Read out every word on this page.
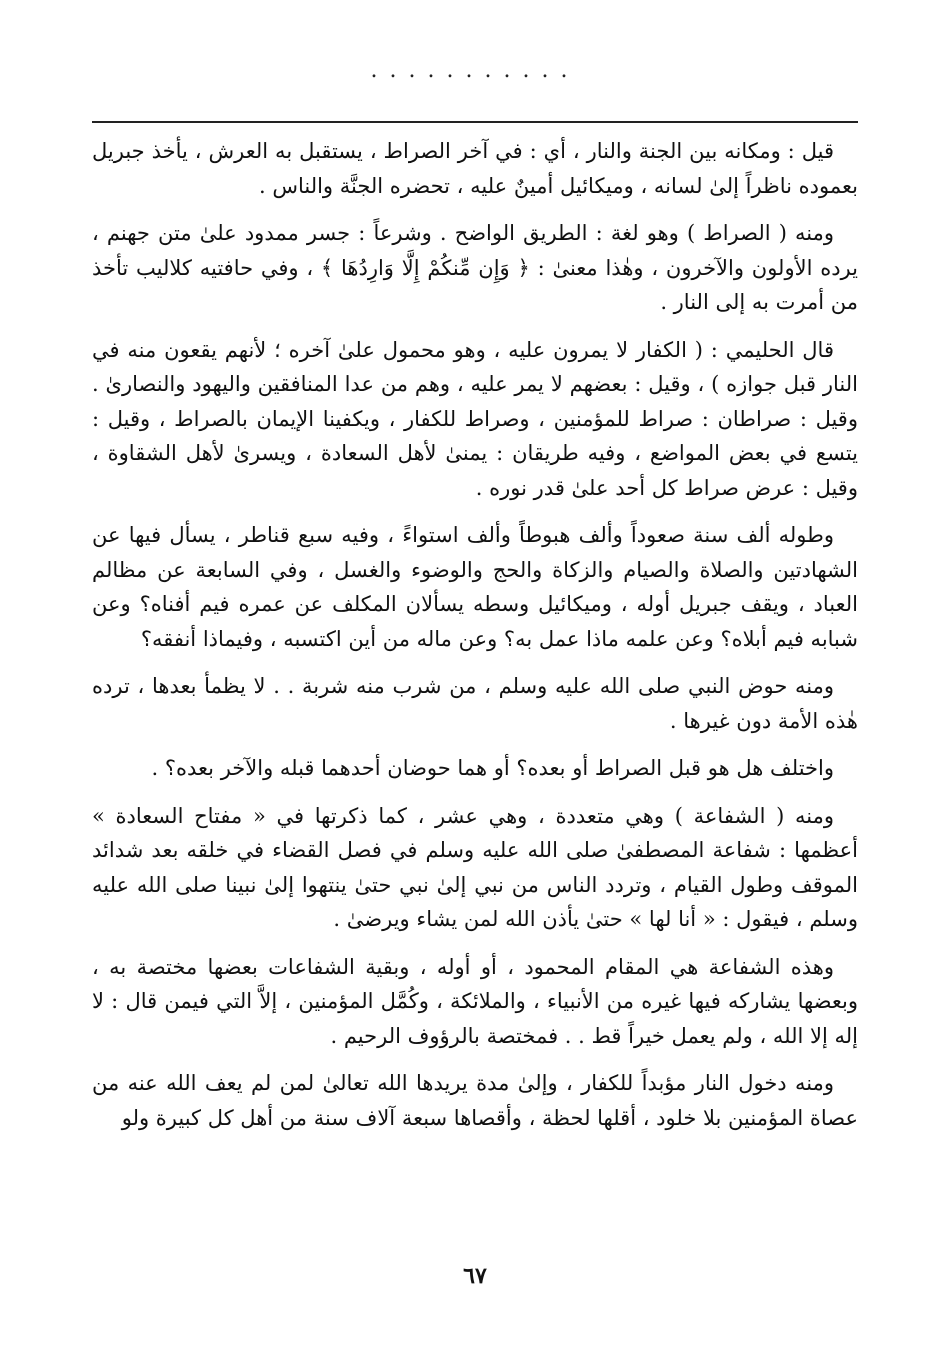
...........

قيل : ومكانه بين الجنة والنار ، أي : في آخر الصراط ، يستقبل به العرش ، يأخذ جبريل بعموده ناظراً إلىٰ لسانه ، وميكائيل أمينٌ عليه ، تحضره الجنَّة والناس .

ومنه ( الصراط ) وهو لغة : الطريق الواضح . وشرعاً : جسر ممدود علىٰ متن جهنم ، يرده الأولون والآخرون ، وهٰذا معنىٰ : ﴿ وَإِن مِّنكُمْ إِلَّا وَارِدُهَا ﴾ ، وفي حافتيه كلاليب تأخذ من أمرت به إلى النار .

قال الحليمي : ( الكفار لا يمرون عليه ، وهو محمول علىٰ آخره ؛ لأنهم يقعون منه في النار قبل جوازه ) ، وقيل : بعضهم لا يمر عليه ، وهم من عدا المنافقين واليهود والنصارىٰ . وقيل : صراطان : صراط للمؤمنين ، وصراط للكفار ، ويكفينا الإيمان بالصراط ، وقيل : يتسع في بعض المواضع ، وفيه طريقان : يمنىٰ لأهل السعادة ، ويسرىٰ لأهل الشقاوة ، وقيل : عرض صراط كل أحد علىٰ قدر نوره .

وطوله ألف سنة صعوداً وألف هبوطاً وألف استواءً ، وفيه سبع قناطر ، يسأل فيها عن الشهادتين والصلاة والصيام والزكاة والحج والوضوء والغسل ، وفي السابعة عن مظالم العباد ، ويقف جبريل أوله ، وميكائيل وسطه يسألان المكلف عن عمره فيم أفناه؟ وعن شبابه فيم أبلاه؟ وعن علمه ماذا عمل به؟ وعن ماله من أين اكتسبه ، وفيماذا أنفقه؟

ومنه حوض النبي صلى الله عليه وسلم ، من شرب منه شربة . . لا يظمأ بعدها ، ترده هٰذه الأمة دون غيرها .

واختلف هل هو قبل الصراط أو بعده؟ أو هما حوضان أحدهما قبله والآخر بعده؟ .

ومنه ( الشفاعة ) وهي متعددة ، وهي عشر ، كما ذكرتها في « مفتاح السعادة » أعظمها : شفاعة المصطفىٰ صلى الله عليه وسلم في فصل القضاء في خلقه بعد شدائد الموقف وطول القيام ، وتردد الناس من نبي إلىٰ نبي حتىٰ ينتهوا إلىٰ نبينا صلى الله عليه وسلم ، فيقول : « أنا لها » حتىٰ يأذن الله لمن يشاء ويرضىٰ .

وهذه الشفاعة هي المقام المحمود ، أو أوله ، وبقية الشفاعات بعضها مختصة به ، وبعضها يشاركه فيها غيره من الأنبياء ، والملائكة ، وكُمَّل المؤمنين ، إلاَّ التي فيمن قال : لا إله إلا الله ، ولم يعمل خيراً قط . . فمختصة بالرؤوف الرحيم .

ومنه دخول النار مؤبداً للكفار ، وإلىٰ مدة يريدها الله تعالىٰ لمن لم يعف الله عنه من عصاة المؤمنين بلا خلود ، أقلها لحظة ، وأقصاها سبعة آلاف سنة من أهل كل كبيرة ولو

٦٧
